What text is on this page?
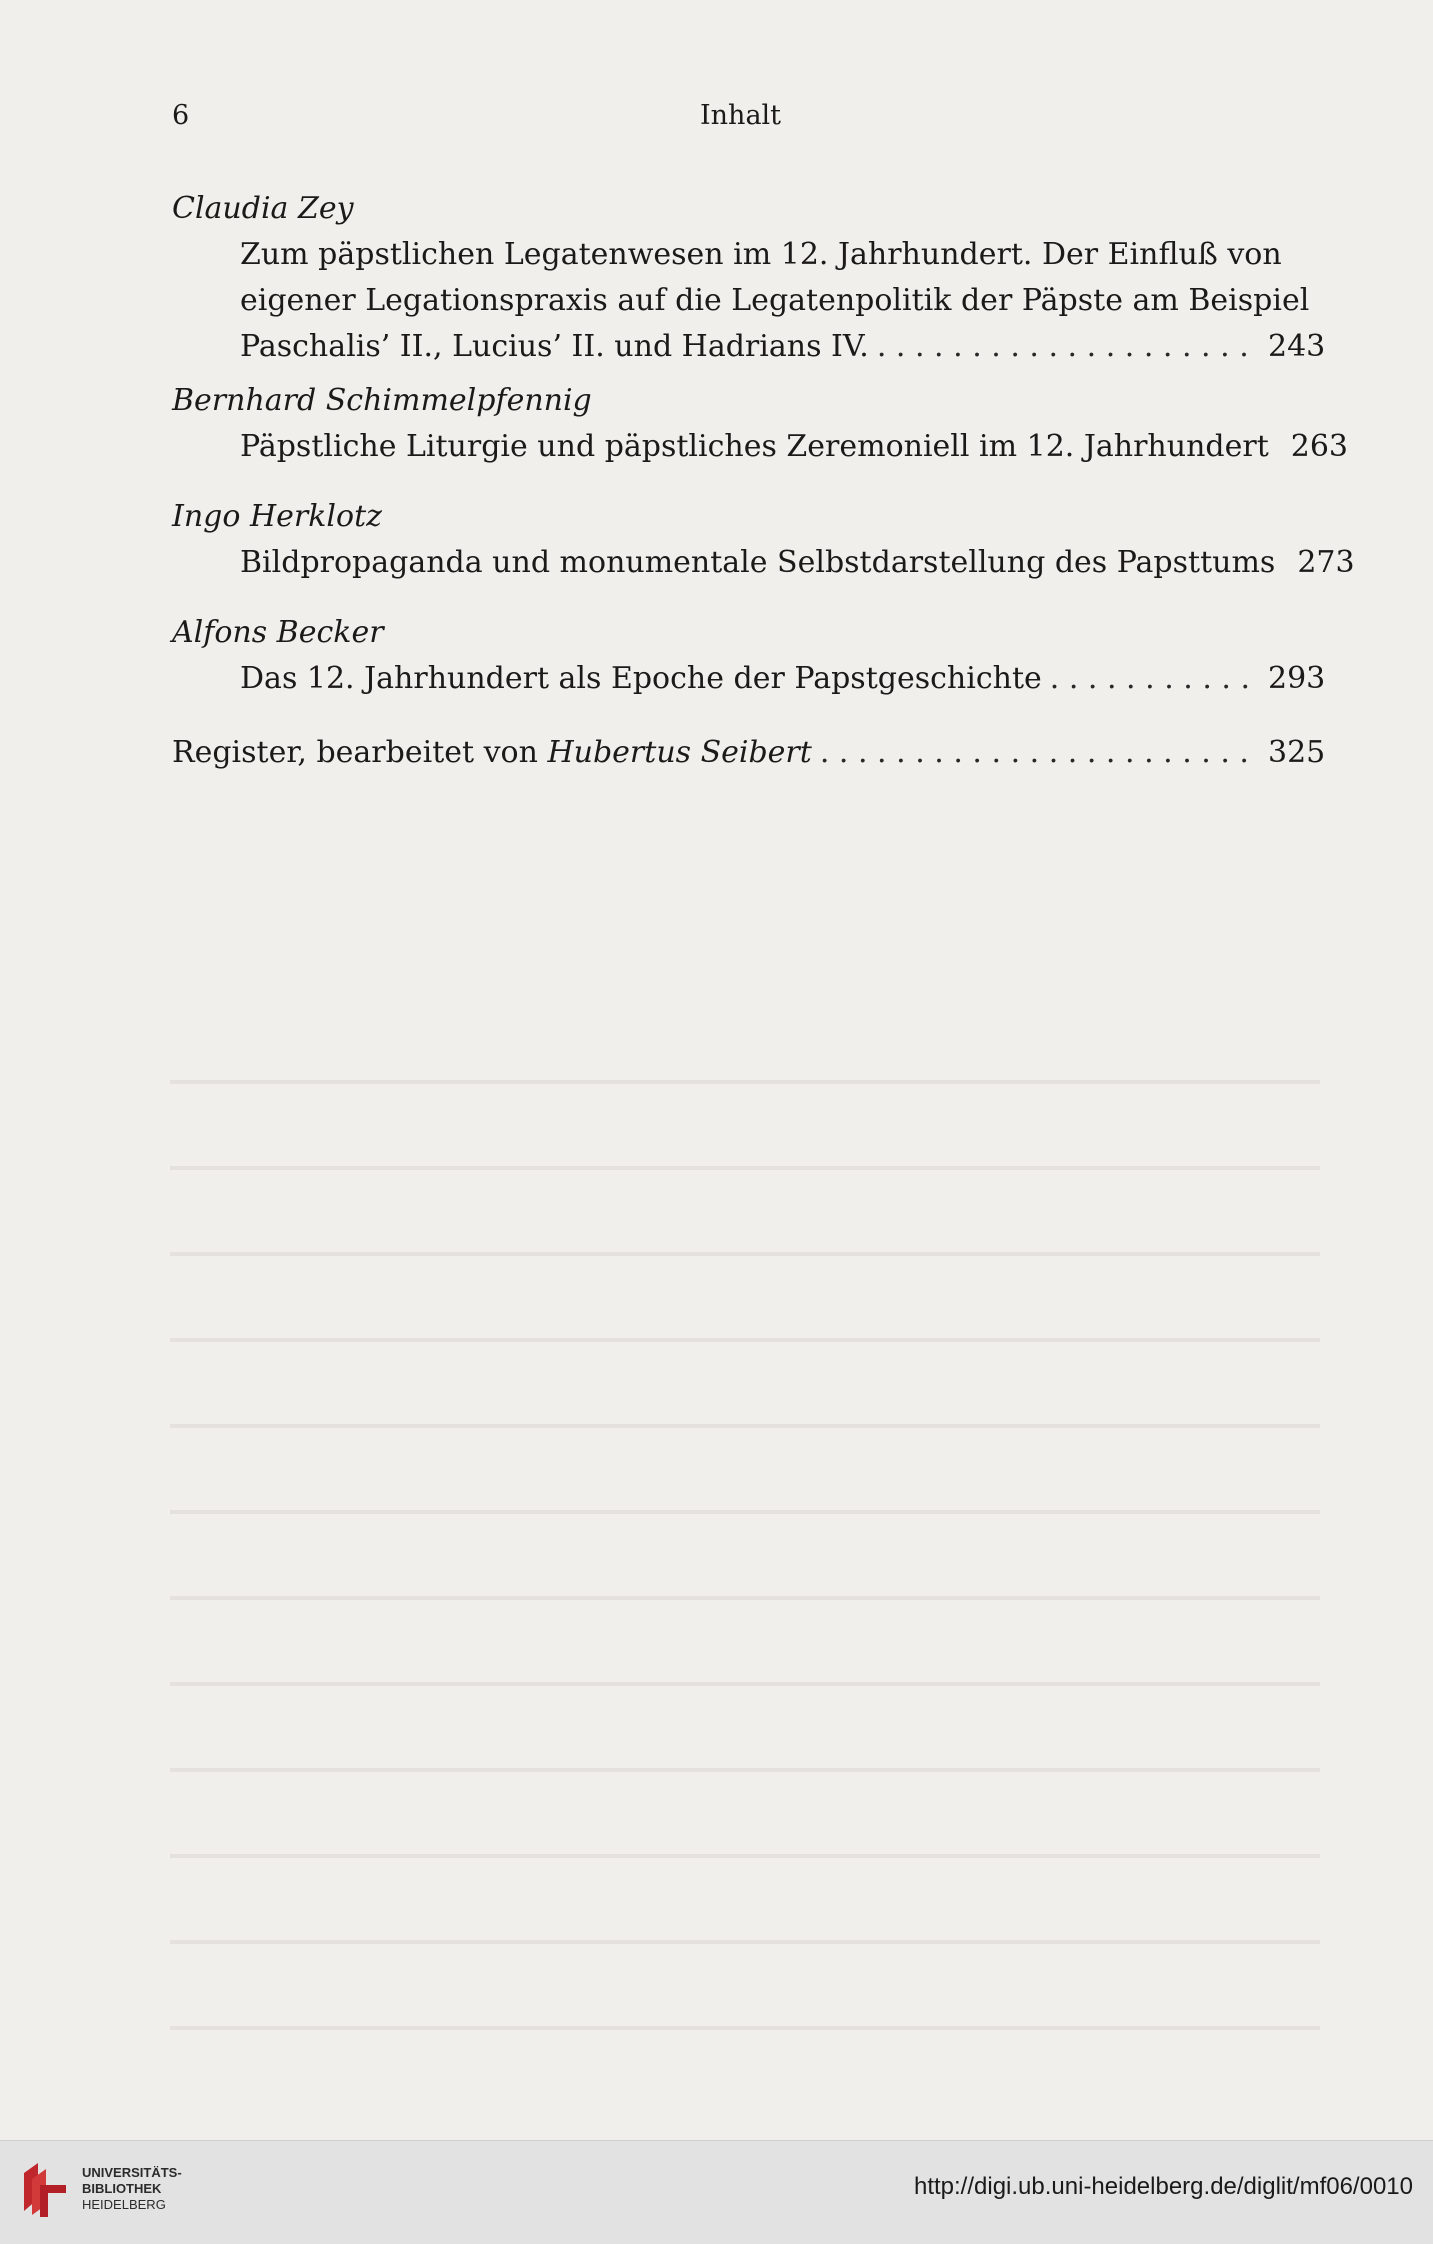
6	Inhalt
Claudia Zey
Zum päpstlichen Legatenwesen im 12. Jahrhundert. Der Einfluß von
eigener Legationspraxis auf die Legatenpolitik der Päpste am Beispiel
Paschalis’ II., Lucius’ II. und Hadrians IV. . . .	243
Bernhard Schimmelpfennig
Päpstliche Liturgie und päpstliches Zeremoniell im 12. Jahrhundert 263
Ingo Herklotz
Bildpropaganda und monumentale Selbstdarstellung des Papsttums 273
Alfons Becker
Das 12. Jahrhundert als Epoche der Papstgeschichte . . .	293
Register, bearbeitet von Hubertus Seibert . . .	325
UNIVERSITÄTS-
BIBLIOTHEK
HEIDELBERG
http://digi.ub.uni-heidelberg.de/diglit/mf06/0010
